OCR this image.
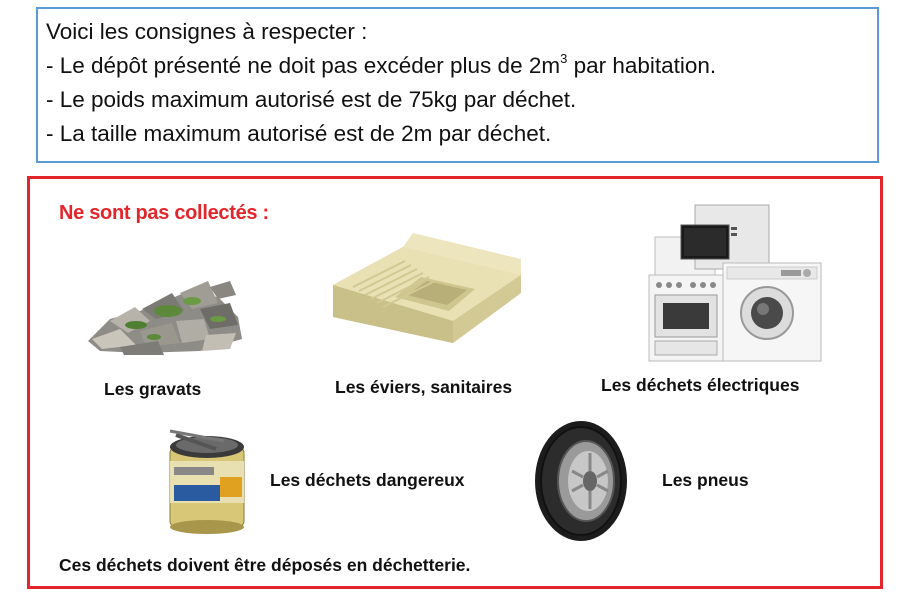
Voici les consignes à respecter :
- Le dépôt présenté ne doit pas excéder plus de $2m^3$ par habitation.
- Le poids maximum autorisé est de 75kg par déchet.
- La taille maximum autorisé est de 2m par déchet.
Ne sont pas collectés :
Les gravats	Les éviers, sanitaires	Les déchets électriques
Les déchets dangereux	Les pneus
Ces déchets doivent être déposés en déchetterie.
